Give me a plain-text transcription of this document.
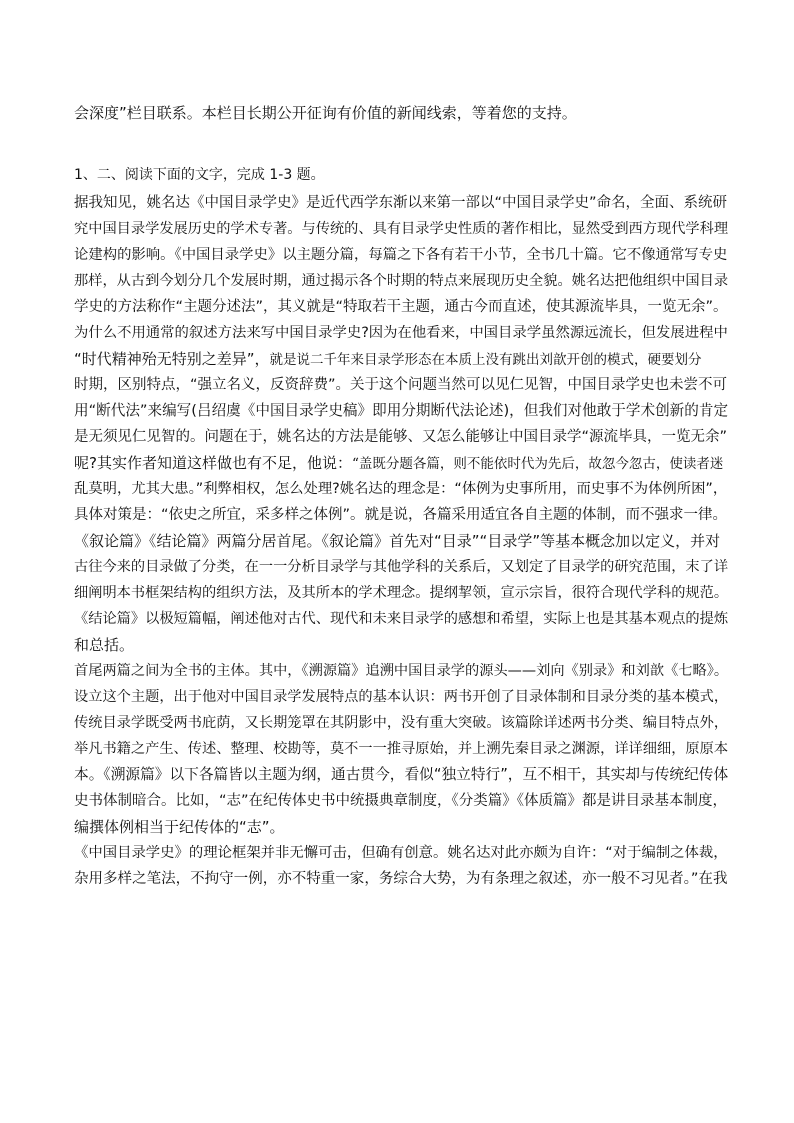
会深度”栏目联系。本栏目长期公开征询有价值的新闻线索，等着您的支持。
1、二、阅读下面的文字，完成 1-3 题。
据我知见，姚名达《中国目录学史》是近代西学东渐以来第一部以“中国目录学史”命名，全面、系统研
究中国目录学发展历史的学术专著。与传统的、具有目录学史性质的著作相比，显然受到西方现代学科理
论建构的影响。《中国目录学史》以主题分篇，每篇之下各有若干小节，全书几十篇。它不像通常写专史
那样，从古到今划分几个发展时期，通过揭示各个时期的特点来展现历史全貌。姚名达把他组织中国目录
学史的方法称作“主题分述法”，其义就是“特取若干主题，通古今而直述，使其源流毕具，一览无余”。
为什么不用通常的叙述方法来写中国目录学史?因为在他看来，中国目录学虽然源远流长，但发展进程中
“时代精神殆无特别之差异”，就是说二千年来目录学形态在本质上没有跳出刘歆开创的模式，硬要划分
时期，区别特点，“强立名义，反资辞费”。关于这个问题当然可以见仁见智，中国目录学史也未尝不可
用“断代法”来编写(吕绍虞《中国目录学史稿》即用分期断代法论述)，但我们对他敢于学术创新的肯定
是无须见仁见智的。问题在于，姚名达的方法是能够、又怎么能够让中国目录学“源流毕具，一览无余”
呢?其实作者知道这样做也有不足，他说：“盖既分题各篇，则不能依时代为先后，故忽今忽古，使读者迷
乱莫明，尤其大患。”利弊相权，怎么处理?姚名达的理念是：“体例为史事所用，而史事不为体例所困”，
具体对策是：“依史之所宜，采多样之体例”。就是说，各篇采用适宜各自主题的体制，而不强求一律。
《叙论篇》《结论篇》两篇分居首尾。《叙论篇》首先对“目录”“目录学”等基本概念加以定义，并对
古往今来的目录做了分类，在一一分析目录学与其他学科的关系后，又划定了目录学的研究范围，末了详
细阐明本书框架结构的组织方法，及其所本的学术理念。提纲挈领，宣示宗旨，很符合现代学科的规范。
《结论篇》以极短篇幅，阐述他对古代、现代和未来目录学的感想和希望，实际上也是其基本观点的提炼
和总括。
首尾两篇之间为全书的主体。其中，《溯源篇》追溯中国目录学的源头——刘向《别录》和刘歆《七略》。
设立这个主题，出于他对中国目录学发展特点的基本认识：两书开创了目录体制和目录分类的基本模式，
传统目录学既受两书庇荫，又长期笼罩在其阴影中，没有重大突破。该篇除详述两书分类、编目特点外，
举凡书籍之产生、传述、整理、校勘等，莫不一一推寻原始，并上溯先秦目录之渊源，详详细细，原原本
本。《溯源篇》以下各篇皆以主题为纲，通古贯今，看似“独立特行”，互不相干，其实却与传统纪传体
史书体制暗合。比如，“志”在纪传体史书中统摄典章制度，《分类篇》《体质篇》都是讲目录基本制度，
编撰体例相当于纪传体的“志”。
《中国目录学史》的理论框架并非无懈可击，但确有创意。姚名达对此亦颇为自许：“对于编制之体裁，
杂用多样之笔法，不拘守一例，亦不特重一家，务综合大势，为有条理之叙述，亦一般不习见者。”在我
